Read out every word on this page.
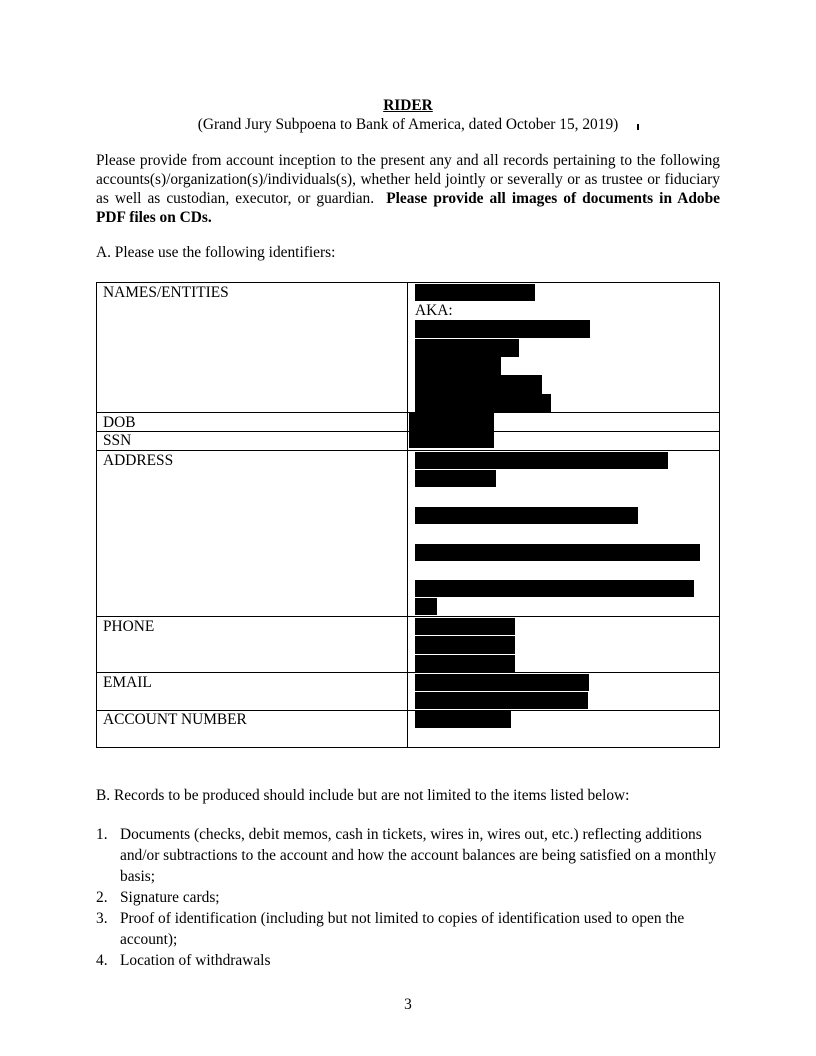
RIDER
(Grand Jury Subpoena to Bank of America, dated October 15, 2019)
Please provide from account inception to the present any and all records pertaining to the following accounts(s)/organization(s)/individuals(s), whether held jointly or severally or as trustee or fiduciary as well as custodian, executor, or guardian. Please provide all images of documents in Adobe PDF files on CDs.
A. Please use the following identifiers:
NAMES/ENTITIES
DOB
SSN
ADDRESS
PHONE
EMAIL
ACCOUNT NUMBER
AKA:
B. Records to be produced should include but are not limited to the items listed below:
1. Documents (checks, debit memos, cash in tickets, wires in, wires out, etc.) reflecting additions and/or subtractions to the account and how the account balances are being satisfied on a monthly basis;
2. Signature cards;
3. Proof of identification (including but not limited to copies of identification used to open the account);
4. Location of withdrawals
3
